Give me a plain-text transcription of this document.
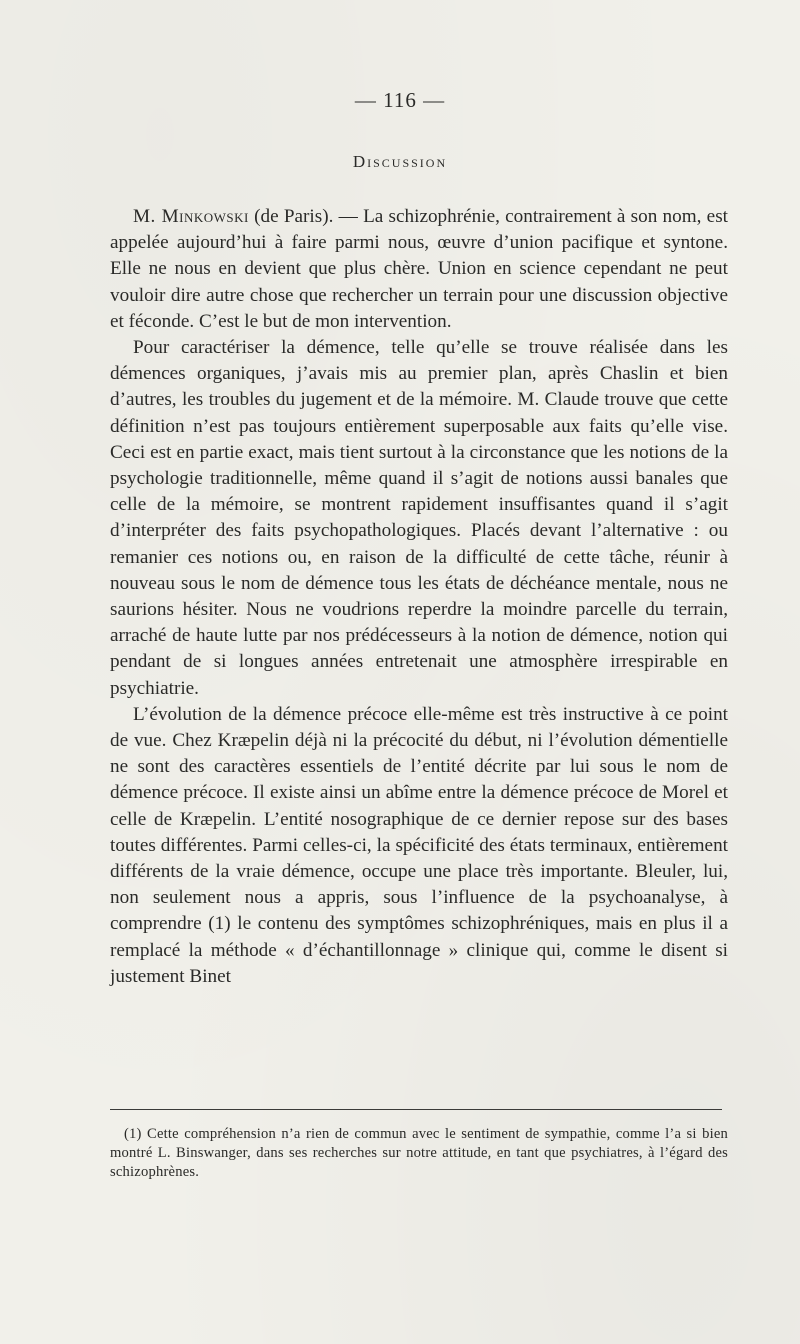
— 116 —
Discussion

M. Minkowski (de Paris). — La schizophrénie, contrairement à son nom, est appelée aujourd’hui à faire parmi nous, œuvre d’union pacifique et syntone. Elle ne nous en devient que plus chère. Union en science cependant ne peut vouloir dire autre chose que rechercher un terrain pour une discussion objective et féconde. C’est le but de mon intervention.

Pour caractériser la démence, telle qu’elle se trouve réalisée dans les démences organiques, j’avais mis au premier plan, après Chaslin et bien d’autres, les troubles du jugement et de la mémoire. M. Claude trouve que cette définition n’est pas toujours entièrement superposable aux faits qu’elle vise. Ceci est en partie exact, mais tient surtout à la circonstance que les notions de la psychologie traditionnelle, même quand il s’agit de notions aussi banales que celle de la mémoire, se montrent rapidement insuffisantes quand il s’agit d’interpréter des faits psychopathologiques. Placés devant l’alternative : ou remanier ces notions ou, en raison de la difficulté de cette tâche, réunir à nouveau sous le nom de démence tous les états de déchéance mentale, nous ne saurions hésiter. Nous ne voudrions reperdre la moindre parcelle du terrain, arraché de haute lutte par nos prédécesseurs à la notion de démence, notion qui pendant de si longues années entretenait une atmosphère irrespirable en psychiatrie.

L’évolution de la démence précoce elle-même est très instructive à ce point de vue. Chez Kræpelin déjà ni la précocité du début, ni l’évolution démentielle ne sont des caractères essentiels de l’entité décrite par lui sous le nom de démence précoce. Il existe ainsi un abîme entre la démence précoce de Morel et celle de Kræpelin. L’entité nosographique de ce dernier repose sur des bases toutes différentes. Parmi celles-ci, la spécificité des états terminaux, entièrement différents de la vraie démence, occupe une place très importante. Bleuler, lui, non seulement nous a appris, sous l’influence de la psychoanalyse, à comprendre (1) le contenu des symptômes schizophréniques, mais en plus il a remplacé la méthode « d’échantillonnage » clinique qui, comme le disent si justement Binet

(1) Cette compréhension n’a rien de commun avec le sentiment de sympathie, comme l’a si bien montré L. Binswanger, dans ses recherches sur notre attitude, en tant que psychiatres, à l’égard des schizophrènes.
